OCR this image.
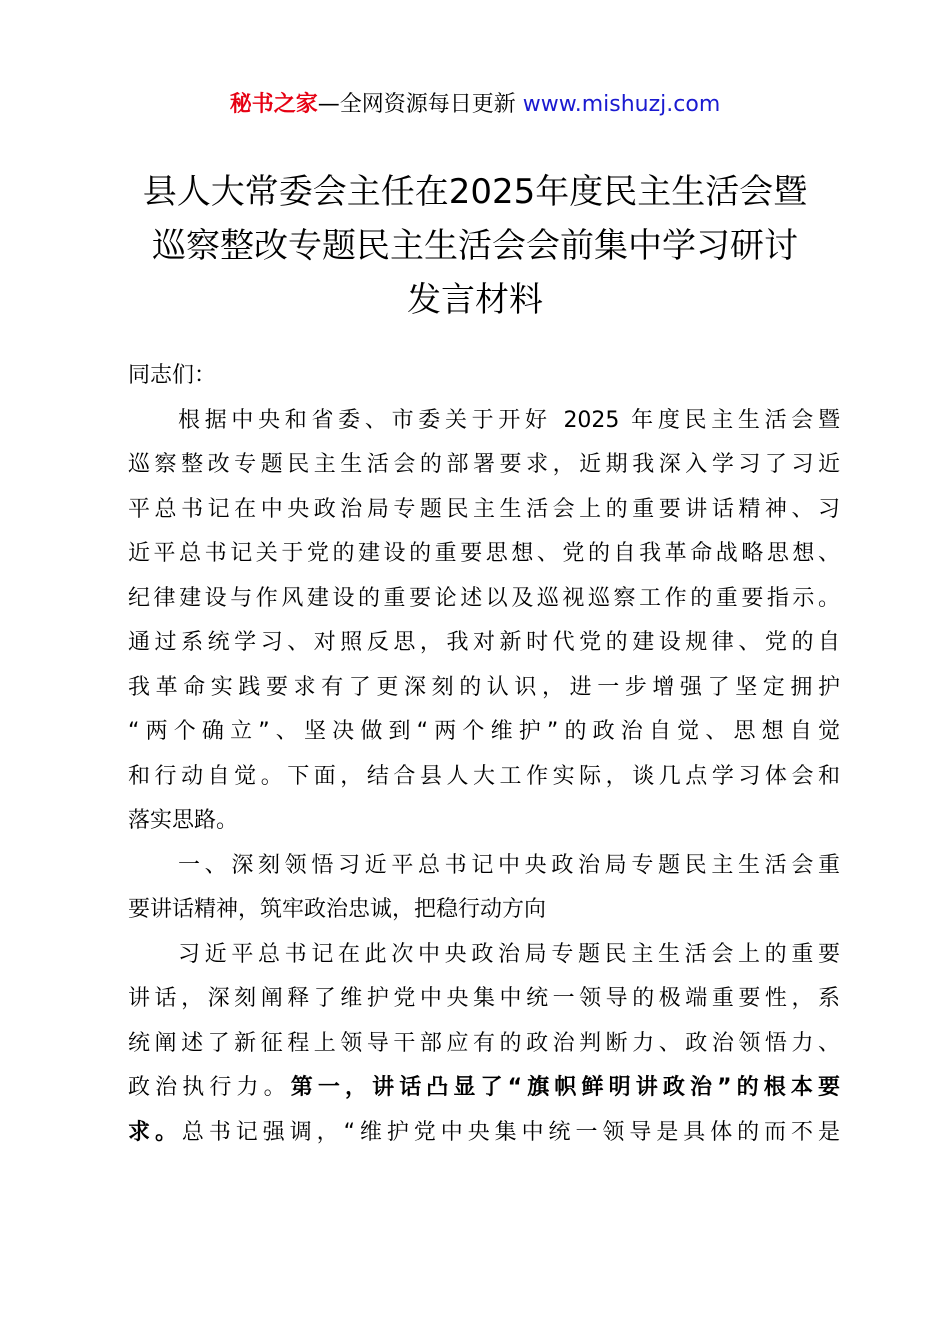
秘书之家—全网资源每日更新 www.mishuzj.com
县人大常委会主任在2025年度民主生活会暨
巡察整改专题民主生活会会前集中学习研讨
发言材料
同志们：
根据中央和省委、市委关于开好 2025 年度民主生活会暨
巡察整改专题民主生活会的部署要求，近期我深入学习了习近
平总书记在中央政治局专题民主生活会上的重要讲话精神、习
近平总书记关于党的建设的重要思想、党的自我革命战略思想、
纪律建设与作风建设的重要论述以及巡视巡察工作的重要指示。
通过系统学习、对照反思，我对新时代党的建设规律、党的自
我革命实践要求有了更深刻的认识，进一步增强了坚定拥护
“两个确立”、坚决做到“两个维护”的政治自觉、思想自觉
和行动自觉。下面，结合县人大工作实际，谈几点学习体会和
落实思路。
一、深刻领悟习近平总书记中央政治局专题民主生活会重
要讲话精神，筑牢政治忠诚，把稳行动方向
习近平总书记在此次中央政治局专题民主生活会上的重要
讲话，深刻阐释了维护党中央集中统一领导的极端重要性，系
统阐述了新征程上领导干部应有的政治判断力、政治领悟力、
政治执行力。第一，讲话凸显了“旗帜鲜明讲政治”的根本要
求。总书记强调，“维护党中央集中统一领导是具体的而不是
